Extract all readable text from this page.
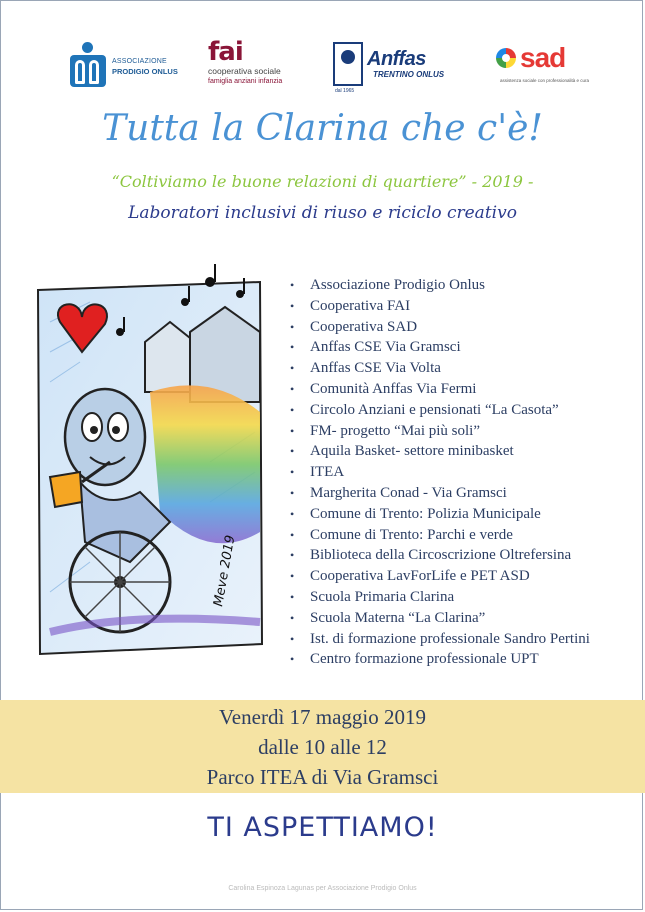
ASSOCIAZIONE
PRODIGIO ONLUS
fai
cooperativa sociale
famiglia anziani infanzia
Anffas
TRENTINO ONLUS
dal 1965
sad
assistenza sociale con professionalità e cura
Tutta la Clarina che c'è!
“Coltiviamo le buone relazioni di quartiere” - 2019 -
Laboratori inclusivi di riuso e riciclo creativo
Meve 2019
• Associazione Prodigio Onlus
• Cooperativa FAI
• Cooperativa SAD
• Anffas CSE Via Gramsci
• Anffas CSE Via Volta
• Comunità Anffas Via Fermi
• Circolo Anziani e pensionati “La Casota”
• FM- progetto “Mai più soli”
• Aquila Basket- settore minibasket
• ITEA
• Margherita Conad - Via Gramsci
• Comune di Trento: Polizia Municipale
• Comune di Trento: Parchi e verde
• Biblioteca della Circoscrizione Oltrefersina
• Cooperativa LavForLife e PET ASD
• Scuola Primaria Clarina
• Scuola Materna “La Clarina”
• Ist. di formazione professionale Sandro Pertini
• Centro formazione professionale UPT
Venerdì 17 maggio 2019
dalle 10 alle 12
Parco ITEA di Via Gramsci
TI ASPETTIAMO!
Carolina Espinoza Lagunas per Associazione Prodigio Onlus
